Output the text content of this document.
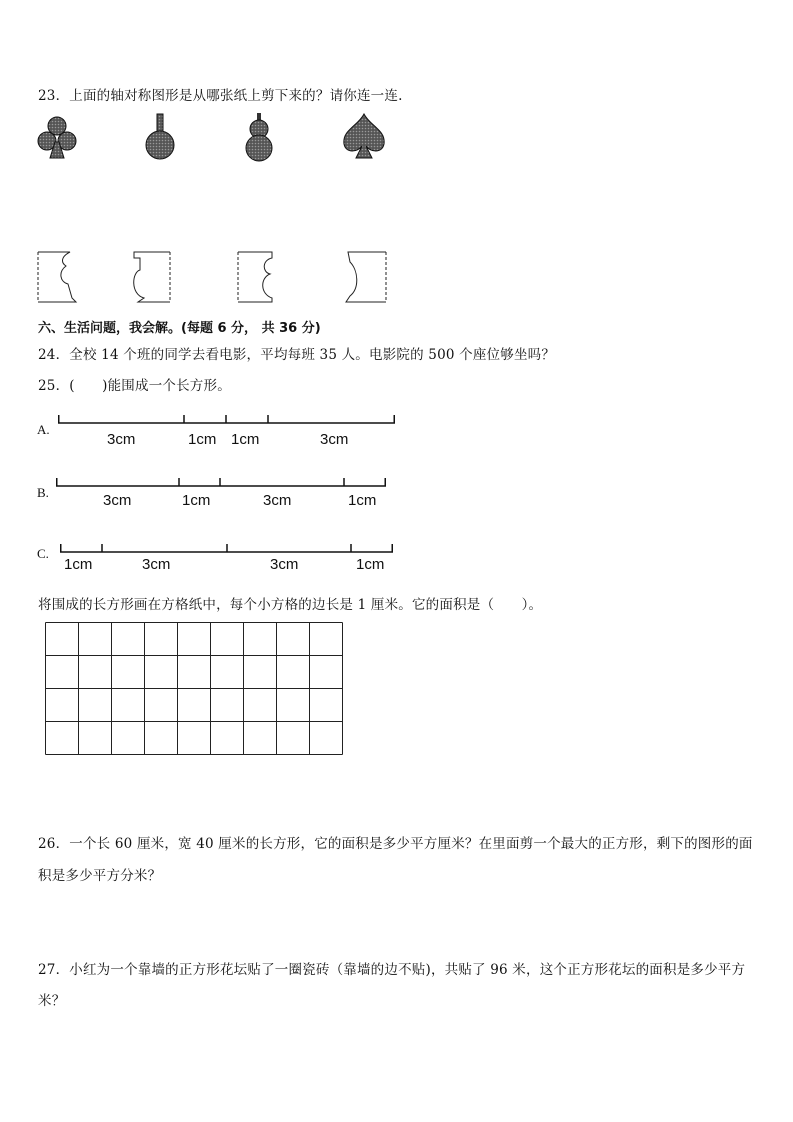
23．上面的轴对称图形是从哪张纸上剪下来的？请你连一连.
六、生活问题，我会解。(每题 6 分， 共 36 分)
24．全校 14 个班的同学去看电影，平均每班 35 人。电影院的 500 个座位够坐吗？
25．(　　)能围成一个长方形。
A.
3cm	1cm 1cm	3cm
B.	3cm	1cm	3cm	1cm
C.
1cm	3cm	3cm	1cm
将围成的长方形画在方格纸中，每个小方格的边长是 1 厘米。它的面积是（　　）。
26．一个长 60 厘米，宽 40 厘米的长方形，它的面积是多少平方厘米？在里面剪一个最大的正方形，剩下的图形的面
积是多少平方分米？
27．小红为一个靠墙的正方形花坛贴了一圈瓷砖（靠墙的边不贴)，共贴了 96 米，这个正方形花坛的面积是多少平方
米？
